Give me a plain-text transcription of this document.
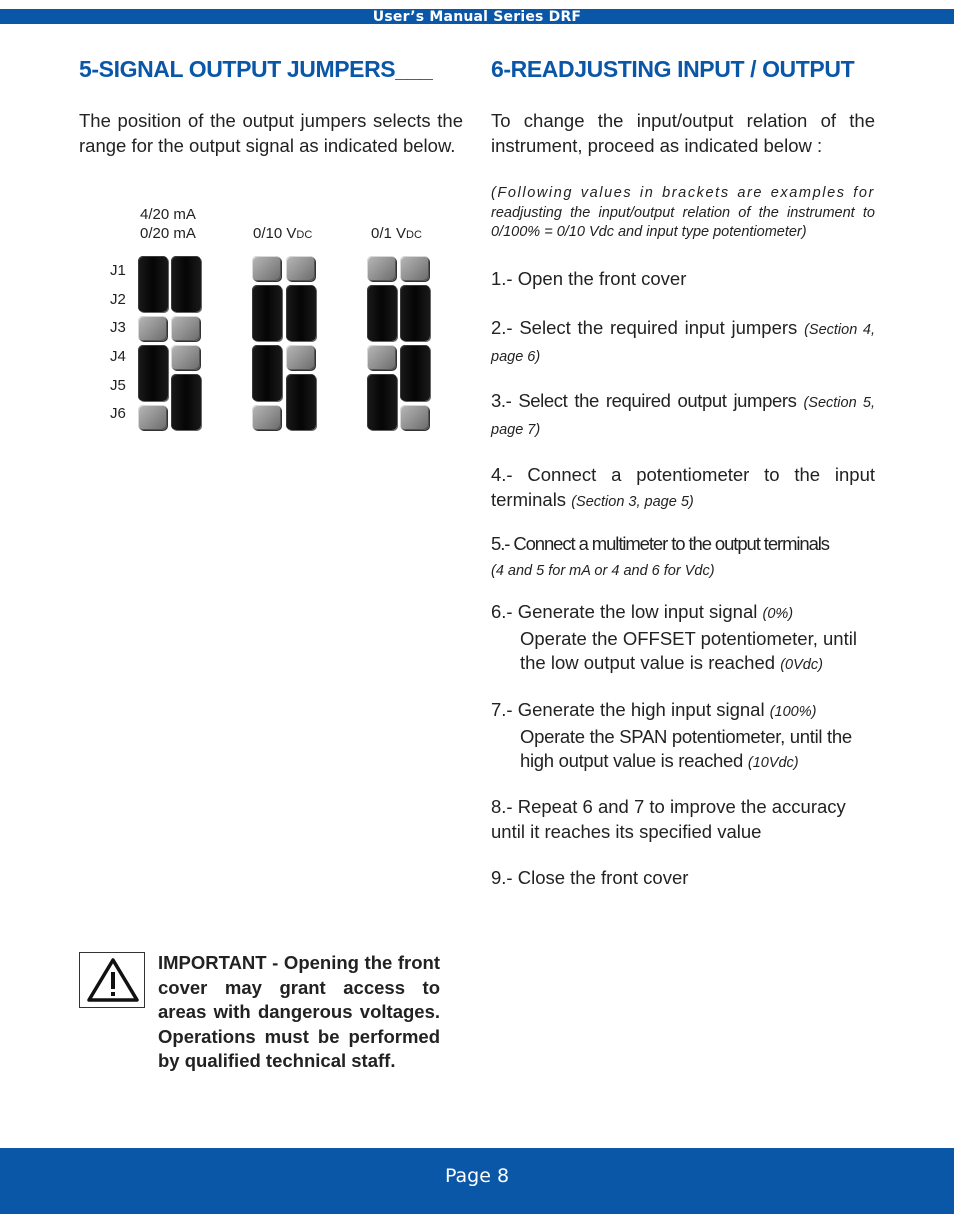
User’s Manual Series DRF
5-SIGNAL OUTPUT JUMPERS___

The position of the output jumpers selects the range for the output signal as indicated below.

4/20 mA
0/20 mA	0/10 VDC	0/1 VDC
J1
J2
J3
J4
J5
J6

IMPORTANT - Opening the front cover may grant access to areas with dangerous voltages. Operations must be performed by qualified technical staff.

6-READJUSTING INPUT / OUTPUT

To change the input/output relation of the instrument, proceed as indicated below :

(Following values in brackets are examples for readjusting the input/output relation of the instrument to 0/100% = 0/10 Vdc and input type potentiometer)

1.- Open the front cover

2.- Select the required input jumpers (Section 4, page 6)

3.- Select the required output jumpers (Section 5, page 7)

4.- Connect a potentiometer to the input terminals (Section 3, page 5)

5.- Connect a multimeter to the output terminals
(4 and 5 for mA or 4 and 6 for Vdc)

6.- Generate the low input signal (0%)
Operate the OFFSET potentiometer, until the low output value is reached (0Vdc)

7.- Generate the high input signal (100%)
Operate the SPAN potentiometer, until the high output value is reached (10Vdc)

8.- Repeat 6 and 7 to improve the accuracy until it reaches its specified value

9.- Close the front cover

Page 8
